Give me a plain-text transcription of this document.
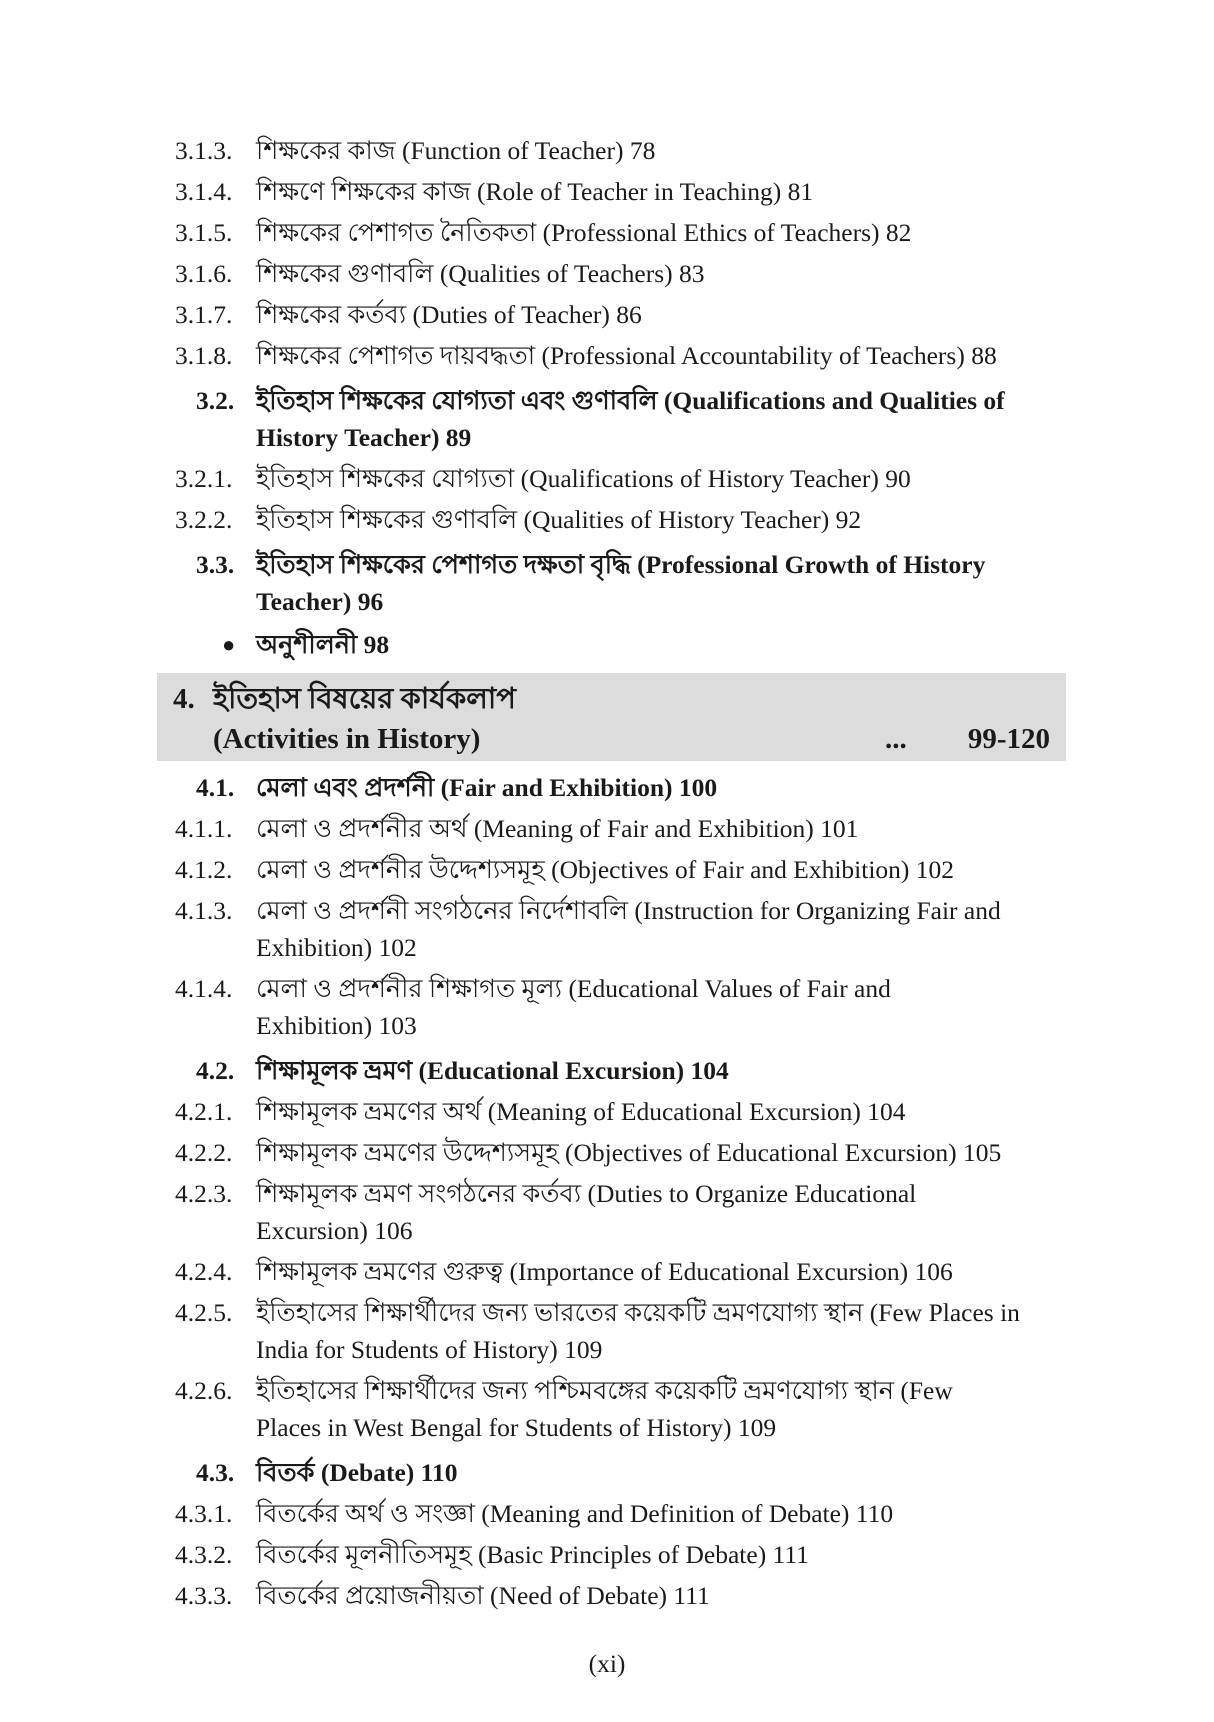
3.1.3. শিক্ষকের কাজ (Function of Teacher) 78
3.1.4. শিক্ষণে শিক্ষকের কাজ (Role of Teacher in Teaching) 81
3.1.5. শিক্ষকের পেশাগত নৈতিকতা (Professional Ethics of Teachers) 82
3.1.6. শিক্ষকের গুণাবলি (Qualities of Teachers) 83
3.1.7. শিক্ষকের কর্তব্য (Duties of Teacher) 86
3.1.8. শিক্ষকের পেশাগত দায়বদ্ধতা (Professional Accountability of Teachers) 88
3.2. ইতিহাস শিক্ষকের যোগ্যতা এবং গুণাবলি (Qualifications and Qualities of
History Teacher) 89
3.2.1. ইতিহাস শিক্ষকের যোগ্যতা (Qualifications of History Teacher) 90
3.2.2. ইতিহাস শিক্ষকের গুণাবলি (Qualities of History Teacher) 92
3.3. ইতিহাস শিক্ষকের পেশাগত দক্ষতা বৃদ্ধি (Professional Growth of History
Teacher) 96
● অনুশীলনী 98
4. ইতিহাস বিষয়ের কার্যকলাপ
(Activities in History)	... 99-120
4.1. মেলা এবং প্রদর্শনী (Fair and Exhibition) 100
4.1.1. মেলা ও প্রদর্শনীর অর্থ (Meaning of Fair and Exhibition) 101
4.1.2. মেলা ও প্রদর্শনীর উদ্দেশ্যসমূহ (Objectives of Fair and Exhibition) 102
4.1.3. মেলা ও প্রদর্শনী সংগঠনের নির্দেশাবলি (Instruction for Organizing Fair and
Exhibition) 102
4.1.4. মেলা ও প্রদর্শনীর শিক্ষাগত মূল্য (Educational Values of Fair and
Exhibition) 103
4.2. শিক্ষামূলক ভ্রমণ (Educational Excursion) 104
4.2.1. শিক্ষামূলক ভ্রমণের অর্থ (Meaning of Educational Excursion) 104
4.2.2. শিক্ষামূলক ভ্রমণের উদ্দেশ্যসমূহ (Objectives of Educational Excursion) 105
4.2.3. শিক্ষামূলক ভ্রমণ সংগঠনের কর্তব্য (Duties to Organize Educational
Excursion) 106
4.2.4. শিক্ষামূলক ভ্রমণের গুরুত্ব (Importance of Educational Excursion) 106
4.2.5. ইতিহাসের শিক্ষার্থীদের জন্য ভারতের কয়েকটি ভ্রমণযোগ্য স্থান (Few Places in
India for Students of History) 109
4.2.6. ইতিহাসের শিক্ষার্থীদের জন্য পশ্চিমবঙ্গের কয়েকটি ভ্রমণযোগ্য স্থান (Few
Places in West Bengal for Students of History) 109
4.3. বিতর্ক (Debate) 110
4.3.1. বিতর্কের অর্থ ও সংজ্ঞা (Meaning and Definition of Debate) 110
4.3.2. বিতর্কের মূলনীতিসমূহ (Basic Principles of Debate) 111
4.3.3. বিতর্কের প্রয়োজনীয়তা (Need of Debate) 111
(xi)
